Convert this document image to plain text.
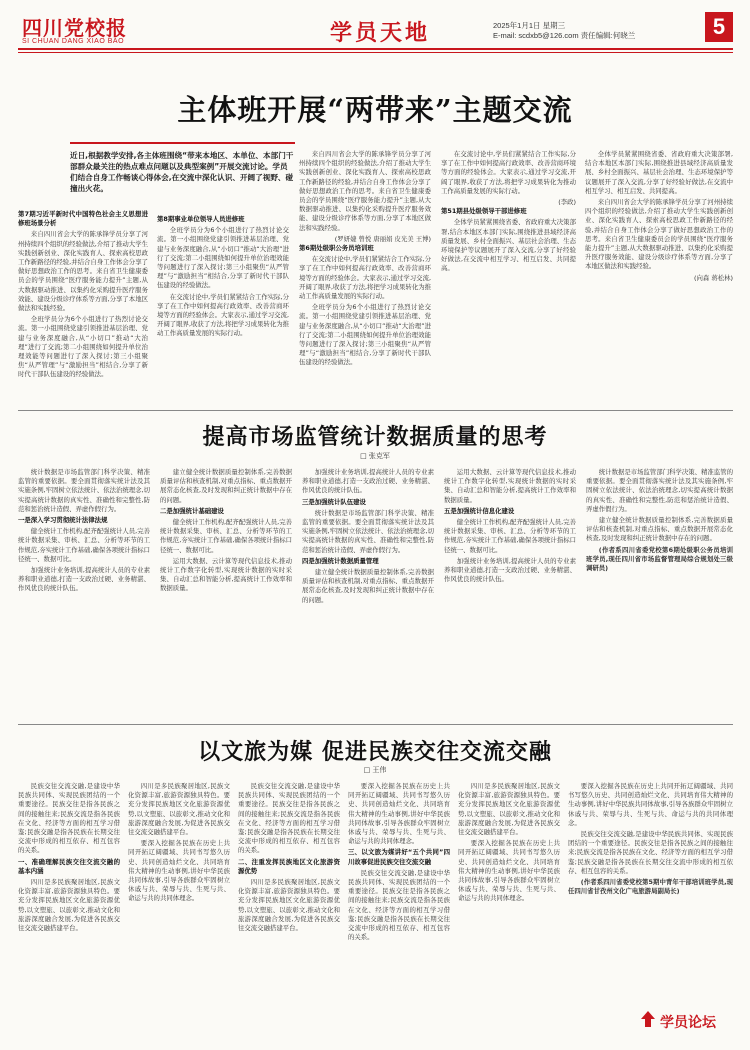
四川党校报
SI CHUAN DANG XIAO BAO	学员天地	2025年1月1日 星期三
E-mail: scdxb5@126.com 责任编辑:何晓兰	5
主体班开展“两带来”主题交流
近日,根据教学安排,各主体班围绕“带来本地区、本单位、本部门干部群众最关注的热点难点问题以及典型案例”开展交流讨论。学员们结合自身工作畅谈心得体会,在交流中深化认识、开阔了视野、碰撞出火花。

第7期习近平新时代中国特色社会主义思想进修班场景分析

来自四川省会大学的陈承锋学员分享了河州持续四个组织的经验做法,介绍了推动大学生实践创新创业、深化实践育人、探索高校思政工作新路径的经验,并结合自身工作体会分享了做好思想政治工作的思考。来自省卫生健康委员会的学员围绕“医疗服务能力提升”主题,从大数据驱动推进、以集约化采购提升医疗服务效能、建设分级诊疗体系等方面,分享了本地区做法和实践经验。

全班学员分为6个小组进行了热烈讨论交流。第一小组围绕党建引领推进基层治理、党建与业务深度融合,从“小切口”推动“大治理”进行了交流;第二小组围绕如何提升单位治理效能等问题进行了深入探讨;第三小组聚焦“从严管理”与“激励担当”相结合,分享了新时代干部队伍建设的经验做法。

第8期事业单位领导人员进修班

全班学员分为6个小组进行了热烈讨论交流。第一小组围绕党建引领推进基层治理、党建与业务深度融合,从“小切口”推动“大治理”进行了交流;第二小组围绕如何提升单位治理效能等问题进行了深入探讨;第三小组聚焦“从严管理”与“激励担当”相结合,分享了新时代干部队伍建设的经验做法。

在交流讨论中,学员们紧紧结合工作实际,分享了在工作中如何提高行政效率、改善营商环境等方面的经验体会。大家表示,通过学习交流,开阔了眼界,收获了方法,将把学习成果转化为推动工作高质量发展的实际行动。

来自四川省会大学的陈承锋学员分享了河州持续四个组织的经验做法,介绍了推动大学生实践创新创业、深化实践育人、探索高校思政工作新路径的经验,并结合自身工作体会分享了做好思想政治工作的思考。来自省卫生健康委员会的学员围绕“医疗服务能力提升”主题,从大数据驱动推进、以集约化采购提升医疗服务效能、建设分级诊疗体系等方面,分享了本地区做法和实践经验。

(罗妍婕 曾悦 唐丽娟 皮光美 王博)

第6期处级职公务员培训班

在交流讨论中,学员们紧紧结合工作实际,分享了在工作中如何提高行政效率、改善营商环境等方面的经验体会。大家表示,通过学习交流,开阔了眼界,收获了方法,将把学习成果转化为推动工作高质量发展的实际行动。

全班学员分为6个小组进行了热烈讨论交流。第一小组围绕党建引领推进基层治理、党建与业务深度融合,从“小切口”推动“大治理”进行了交流;第二小组围绕如何提升单位治理效能等问题进行了深入探讨;第三小组聚焦“从严管理”与“激励担当”相结合,分享了新时代干部队伍建设的经验做法。

在交流讨论中,学员们紧紧结合工作实际,分享了在工作中如何提高行政效率、改善营商环境等方面的经验体会。大家表示,通过学习交流,开阔了眼界,收获了方法,将把学习成果转化为推动工作高质量发展的实际行动。

(李政)

第51期县处级领导干部进修班

全体学员紧紧围绕省委、省政府重大决策部署,结合本地区本部门实际,围绕推进县域经济高质量发展、乡村全面振兴、基层社会治理、生态环境保护等议题展开了深入交流,分享了好经验好做法,在交流中相互学习、相互启发、共同提高。

全体学员紧紧围绕省委、省政府重大决策部署,结合本地区本部门实际,围绕推进县域经济高质量发展、乡村全面振兴、基层社会治理、生态环境保护等议题展开了深入交流,分享了好经验好做法,在交流中相互学习、相互启发、共同提高。

来自四川省会大学的陈承锋学员分享了河州持续四个组织的经验做法,介绍了推动大学生实践创新创业、深化实践育人、探索高校思政工作新路径的经验,并结合自身工作体会分享了做好思想政治工作的思考。来自省卫生健康委员会的学员围绕“医疗服务能力提升”主题,从大数据驱动推进、以集约化采购提升医疗服务效能、建设分级诊疗体系等方面,分享了本地区做法和实践经验。

(向森 蒋松林)
提高市场监管统计数据质量的思考
□ 张克军

统计数据是市场监管部门科学决策、精准监管的重要依据。要全面贯彻落实统计法及其实施条例,牢固树立依法统计、依法治统理念,切实提高统计数据的真实性、准确性和完整性,防范和惩治统计造假、弄虚作假行为。

一是深入学习贯彻统计法律法规

健全统计工作机构,配齐配强统计人员,完善统计数据采集、审核、汇总、分析等环节的工作规范,夯实统计工作基础,确保各项统计指标口径统一、数据可比。

加强统计业务培训,提高统计人员的专业素养和职业道德,打造一支政治过硬、业务精湛、作风优良的统计队伍。

建立健全统计数据质量控制体系,完善数据质量评估和核查机制,对重点指标、重点数据开展常态化核查,及时发现和纠正统计数据中存在的问题。

二是加强统计基础建设

健全统计工作机构,配齐配强统计人员,完善统计数据采集、审核、汇总、分析等环节的工作规范,夯实统计工作基础,确保各项统计指标口径统一、数据可比。

运用大数据、云计算等现代信息技术,推动统计工作数字化转型,实现统计数据的实时采集、自动汇总和智能分析,提高统计工作效率和数据质量。

加强统计业务培训,提高统计人员的专业素养和职业道德,打造一支政治过硬、业务精湛、作风优良的统计队伍。

三是加强统计队伍建设

统计数据是市场监管部门科学决策、精准监管的重要依据。要全面贯彻落实统计法及其实施条例,牢固树立依法统计、依法治统理念,切实提高统计数据的真实性、准确性和完整性,防范和惩治统计造假、弄虚作假行为。

四是加强统计数据质量管理

建立健全统计数据质量控制体系,完善数据质量评估和核查机制,对重点指标、重点数据开展常态化核查,及时发现和纠正统计数据中存在的问题。

运用大数据、云计算等现代信息技术,推动统计工作数字化转型,实现统计数据的实时采集、自动汇总和智能分析,提高统计工作效率和数据质量。

五是加强统计信息化建设

健全统计工作机构,配齐配强统计人员,完善统计数据采集、审核、汇总、分析等环节的工作规范,夯实统计工作基础,确保各项统计指标口径统一、数据可比。

加强统计业务培训,提高统计人员的专业素养和职业道德,打造一支政治过硬、业务精湛、作风优良的统计队伍。

统计数据是市场监管部门科学决策、精准监管的重要依据。要全面贯彻落实统计法及其实施条例,牢固树立依法统计、依法治统理念,切实提高统计数据的真实性、准确性和完整性,防范和惩治统计造假、弄虚作假行为。

建立健全统计数据质量控制体系,完善数据质量评估和核查机制,对重点指标、重点数据开展常态化核查,及时发现和纠正统计数据中存在的问题。

(作者系四川省委党校第6期处级职公务员培训班学员,现任四川省市场监督管理局综合规划处三级调研员)

以文旅为媒 促进民族交往交流交融
□ 王伟

民族交往交流交融,是建设中华民族共同体、实现民族团结的一个重要途径。民族交往是指各民族之间的接触往来;民族交流是指各民族在文化、经济等方面的相互学习借鉴;民族交融是指各民族在长期交往交流中形成的相互依存、相互包容的关系。

一、准确理解民族交往交流交融的基本内涵

四川是多民族聚居地区,民族文化资源丰富,旅游资源独具特色。要充分发挥民族地区文化旅游资源优势,以文塑旅、以旅彰文,推动文化和旅游深度融合发展,为促进各民族交往交流交融搭建平台。

四川是多民族聚居地区,民族文化资源丰富,旅游资源独具特色。要充分发挥民族地区文化旅游资源优势,以文塑旅、以旅彰文,推动文化和旅游深度融合发展,为促进各民族交往交流交融搭建平台。

要深入挖掘各民族在历史上共同开拓辽阔疆域、共同书写悠久历史、共同创造灿烂文化、共同培育伟大精神的生动事例,讲好中华民族共同体故事,引导各族群众牢固树立休戚与共、荣辱与共、生死与共、命运与共的共同体理念。

民族交往交流交融,是建设中华民族共同体、实现民族团结的一个重要途径。民族交往是指各民族之间的接触往来;民族交流是指各民族在文化、经济等方面的相互学习借鉴;民族交融是指各民族在长期交往交流中形成的相互依存、相互包容的关系。

二、注重发挥民族地区文化旅游资源优势

四川是多民族聚居地区,民族文化资源丰富,旅游资源独具特色。要充分发挥民族地区文化旅游资源优势,以文塑旅、以旅彰文,推动文化和旅游深度融合发展,为促进各民族交往交流交融搭建平台。

要深入挖掘各民族在历史上共同开拓辽阔疆域、共同书写悠久历史、共同创造灿烂文化、共同培育伟大精神的生动事例,讲好中华民族共同体故事,引导各族群众牢固树立休戚与共、荣辱与共、生死与共、命运与共的共同体理念。

三、以文旅为媒讲好“五个共同”四川故事促进民族交往交流交融

民族交往交流交融,是建设中华民族共同体、实现民族团结的一个重要途径。民族交往是指各民族之间的接触往来;民族交流是指各民族在文化、经济等方面的相互学习借鉴;民族交融是指各民族在长期交往交流中形成的相互依存、相互包容的关系。

四川是多民族聚居地区,民族文化资源丰富,旅游资源独具特色。要充分发挥民族地区文化旅游资源优势,以文塑旅、以旅彰文,推动文化和旅游深度融合发展,为促进各民族交往交流交融搭建平台。

要深入挖掘各民族在历史上共同开拓辽阔疆域、共同书写悠久历史、共同创造灿烂文化、共同培育伟大精神的生动事例,讲好中华民族共同体故事,引导各族群众牢固树立休戚与共、荣辱与共、生死与共、命运与共的共同体理念。

要深入挖掘各民族在历史上共同开拓辽阔疆域、共同书写悠久历史、共同创造灿烂文化、共同培育伟大精神的生动事例,讲好中华民族共同体故事,引导各族群众牢固树立休戚与共、荣辱与共、生死与共、命运与共的共同体理念。

民族交往交流交融,是建设中华民族共同体、实现民族团结的一个重要途径。民族交往是指各民族之间的接触往来;民族交流是指各民族在文化、经济等方面的相互学习借鉴;民族交融是指各民族在长期交往交流中形成的相互依存、相互包容的关系。

(作者系四川省委党校第5期中青年干部培训班学员,现任四川省甘孜州文化广电旅游局副局长)

学员论坛
